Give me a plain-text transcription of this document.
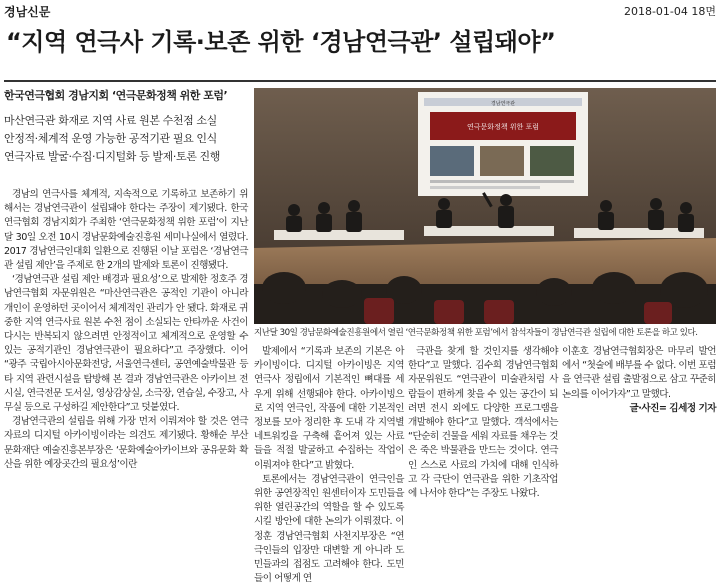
경남신문	2018-01-04 18면
“지역 연극사 기록·보존 위한 ‘경남연극관’ 설립돼야”
한국연극협회 경남지회 ‘연극문화정책 위한 포럼’
마산연극관 화재로 지역 사료 원본 수천점 소실
안정적·체계적 운영 가능한 공적기관 필요 인식
연극자료 발굴·수집·디지털화 등 발제·토론 진행

경남의 연극사를 체계적, 지속적으로 기록하고 보존하기 위해서는 경남연극관이 설립돼야 한다는 주장이 제기됐다. 한국연극협회 경남지회가 주최한 ‘연극문화정책 위한 포럼’이 지난달 30일 오전 10시 경남문화예술진흥원 세미나실에서 열렸다. 2017 경남연극인대회 일환으로 진행된 이날 포럼은 ‘경남연극관 설립 제안’을 주제로 한 2개의 발제와 토론이 진행됐다.

‘경남연극관 설립 제안 배경과 필요성’으로 발제한 정호주 경남연극협회 자문위원은 “마산연극관은 공적인 기관이 아니라 개인이 운영하던 곳이어서 체계적인 관리가 안 됐다. 화재로 귀중한 지역 연극사료 원본 수천 점이 소실되는 안타까운 사건이 다시는 반복되지 않으려면 안정적이고 체계적으로 운영할 수 있는 공적기관인 경남연극관이 필요하다”고 주장했다. 이어 “광주 국립아시아문화전당, 서울연극센터, 공연예술박물관 등 타 지역 관련시설을 탐방해 본 결과 경남연극관은 아카이브 전시실, 연극전문 도서실, 영상감상실, 소극장, 연습실, 수장고, 사무실 등으로 구성하길 제안한다”고 덧붙였다.

경남연극관의 설립을 위해 가장 먼저 이뤄져야 할 것은 연극자료의 디지털 아카이빙이라는 의견도 제기됐다. 황해순 부산문화재단 예술진흥본부장은 ‘문화예술아카이브와 공유문화 확산을 위한 예장곳간의 필요성’이란

경남연극관
연극문화정책 위한 포럼
지난달 30일 경남문화예술진흥원에서 열린 ‘연극문화정책 위한 포럼’에서 참석자들이 경남연극관 설립에 대한 토론을 하고 있다.

발제에서 “기록과 보존의 기본은 아카이빙이다. 디지털 아카이빙은 지역 연극사 정립에서 기본적인 뼈대를 세우게 위해 선행돼야 한다. 아카이빙으로 지역 연극인, 작품에 대한 기본적인 정보를 모아 정리한 후 도내 각 지역별 네트워킹을 구축해 흩어져 있는 사료들을 적절 발굴하고 수집하는 작업이 이뤄져야 한다”고 밝혔다.

토론에서는 경남연극관이 연극인을 위한 공연장적인 원센터이자 도민들을 위한 열린공간의 역할을 할 수 있도록 시킬 방안에 대한 논의가 이뤄졌다. 이정훈 경남연극협회 사천지부장은 “연극인들의 입장만 대변할 게 아니라 도민들과의 접점도 고려해야 한다. 도민들이 어떻게 연

극관을 찾게 할 것인지를 생각해야 한다”고 말했다. 김수희 경남연극협회 자문위원도 “연극관이 미술관처럼 사람들이 편하게 찾을 수 있는 공간이 되려면 전시 외에도 다양한 프로그램을 개발해야 한다”고 말했다. 객석에서는 “단순히 건물을 세워 자료를 채우는 것은 죽은 박물관을 만드는 것이다. 연극인 스스로 사료의 가치에 대해 인식하고 각 극단이 연극관을 위한 기초작업에 나서야 한다”는 주장도 나왔다.

이훈호 경남연극협회장은 마무리 발언에서 “첫술에 배부를 수 없다. 이번 포럼을 연극관 설립 출발점으로 삼고 꾸준히 논의를 이어가자”고 말했다.

글·사진= 김세정 기자
